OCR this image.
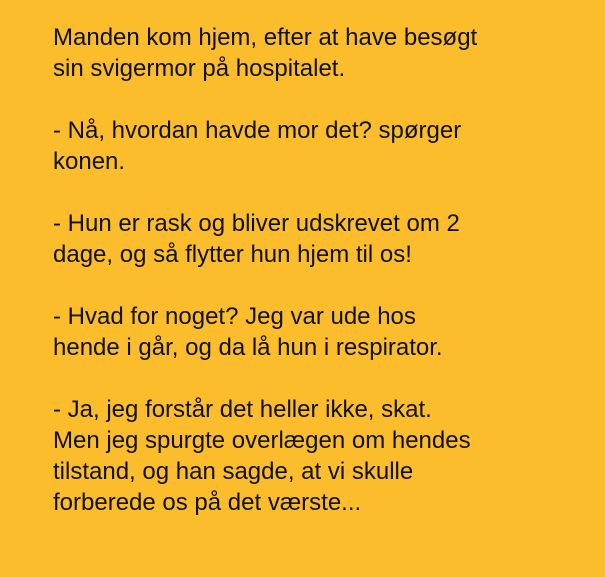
Manden kom hjem, efter at have besøgt
sin svigermor på hospitalet.

- Nå, hvordan havde mor det? spørger
konen.

- Hun er rask og bliver udskrevet om 2
dage, og så flytter hun hjem til os!

- Hvad for noget? Jeg var ude hos
hende i går, og da lå hun i respirator.

- Ja, jeg forstår det heller ikke, skat.
Men jeg spurgte overlægen om hendes
tilstand, og han sagde, at vi skulle
forberede os på det værste...
